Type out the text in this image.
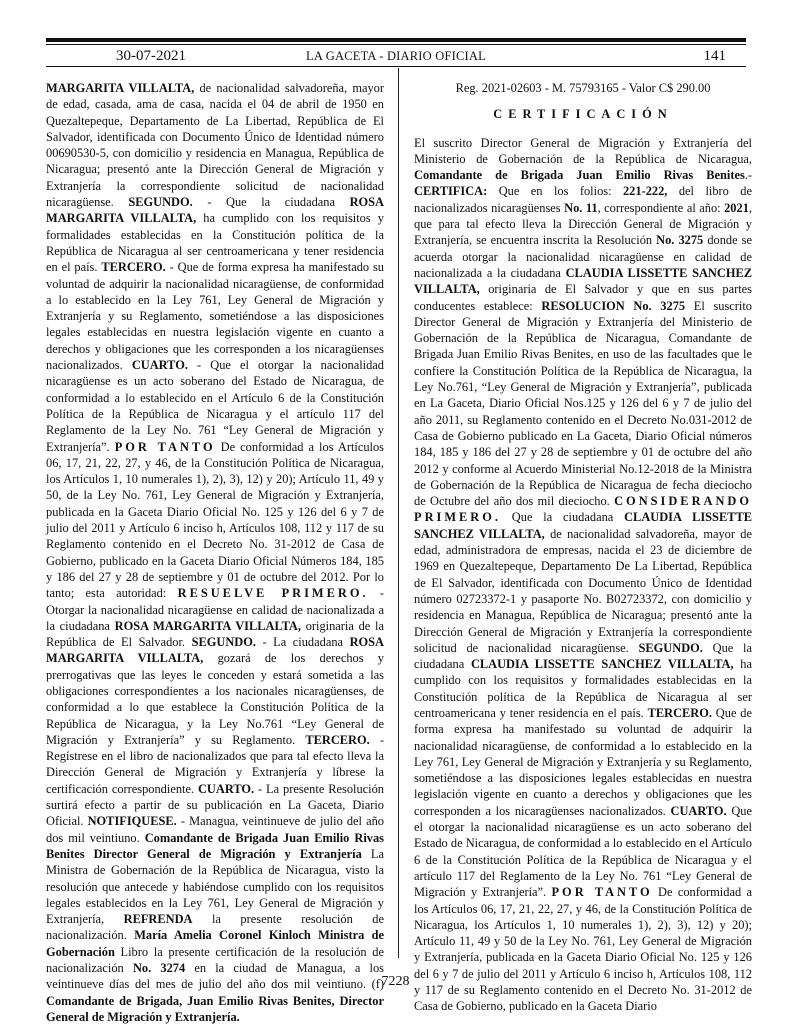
30-07-2021	LA GACETA - DIARIO OFICIAL	141

MARGARITA VILLALTA, de nacionalidad salvadoreña, mayor de edad, casada, ama de casa, nacida el 04 de abril de 1950 en Quezaltepeque, Departamento de La Libertad, República de El Salvador, identificada con Documento Único de Identidad número 00690530-5, con domicilio y residencia en Managua, República de Nicaragua; presentó ante la Dirección General de Migración y Extranjería la correspondiente solicitud de nacionalidad nicaragüense. SEGUNDO. - Que la ciudadana ROSA MARGARITA VILLALTA, ha cumplido con los requisitos y formalidades establecidas en la Constitución política de la República de Nicaragua al ser centroamericana y tener residencia en el país. TERCERO. - Que de forma expresa ha manifestado su voluntad de adquirir la nacionalidad nicaragüense, de conformidad a lo establecido en la Ley 761, Ley General de Migración y Extranjería y su Reglamento, sometiéndose a las disposiciones legales establecidas en nuestra legislación vigente en cuanto a derechos y obligaciones que les corresponden a los nicaragüenses nacionalizados. CUARTO. - Que el otorgar la nacionalidad nicaragüense es un acto soberano del Estado de Nicaragua, de conformidad a lo establecido en el Artículo 6 de la Constitución Política de la República de Nicaragua y el artículo 117 del Reglamento de la Ley No. 761 “Ley General de Migración y Extranjería”. POR TANTO De conformidad a los Artículos 06, 17, 21, 22, 27, y 46, de la Constitución Política de Nicaragua, los Artículos 1, 10 numerales 1), 2), 3), 12) y 20); Artículo 11, 49 y 50, de la Ley No. 761, Ley General de Migración y Extranjería, publicada en la Gaceta Diario Oficial No. 125 y 126 del 6 y 7 de julio del 2011 y Artículo 6 inciso h, Artículos 108, 112 y 117 de su Reglamento contenido en el Decreto No. 31-2012 de Casa de Gobierno, publicado en la Gaceta Diario Oficial Números 184, 185 y 186 del 27 y 28 de septiembre y 01 de octubre del 2012. Por lo tanto; esta autoridad: RESUELVE PRIMERO. - Otorgar la nacionalidad nicaragüense en calidad de nacionalizada a la ciudadana ROSA MARGARITA VILLALTA, originaria de la República de El Salvador. SEGUNDO. - La ciudadana ROSA MARGARITA VILLALTA, gozará de los derechos y prerrogativas que las leyes le conceden y estará sometida a las obligaciones correspondientes a los nacionales nicaragüenses, de conformidad a lo que establece la Constitución Política de la República de Nicaragua, y la Ley No.761 “Ley General de Migración y Extranjería” y su Reglamento. TERCERO. - Regístrese en el libro de nacionalizados que para tal efecto lleva la Dirección General de Migración y Extranjería y líbrese la certificación correspondiente. CUARTO. - La presente Resolución surtirá efecto a partir de su publicación en La Gaceta, Diario Oficial. NOTIFIQUESE. - Managua, veintinueve de julio del año dos mil veintiuno. Comandante de Brigada Juan Emilio Rivas Benites Director General de Migración y Extranjería La Ministra de Gobernación de la República de Nicaragua, visto la resolución que antecede y habiéndose cumplido con los requisitos legales establecidos en la Ley 761, Ley General de Migración y Extranjería, REFRENDA la presente resolución de nacionalización. María Amelia Coronel Kinloch Ministra de Gobernación Libro la presente certificación de la resolución de nacionalización No. 3274 en la ciudad de Managua, a los veintinueve días del mes de julio del año dos mil veintiuno. (f) Comandante de Brigada, Juan Emilio Rivas Benites, Director General de Migración y Extranjería.

Reg. 2021-02603 - M. 75793165 - Valor C$ 290.00

CERTIFICACIÓN

El suscrito Director General de Migración y Extranjería del Ministerio de Gobernación de la República de Nicaragua, Comandante de Brigada Juan Emilio Rivas Benites.- CERTIFICA: Que en los folios: 221-222, del libro de nacionalizados nicaragüenses No. 11, correspondiente al año: 2021, que para tal efecto lleva la Dirección General de Migración y Extranjería, se encuentra inscrita la Resolución No. 3275 donde se acuerda otorgar la nacionalidad nicaragüense en calidad de nacionalizada a la ciudadana CLAUDIA LISSETTE SANCHEZ VILLALTA, originaria de El Salvador y que en sus partes conducentes establece: RESOLUCION No. 3275 El suscrito Director General de Migración y Extranjería del Ministerio de Gobernación de la República de Nicaragua, Comandante de Brigada Juan Emilio Rivas Benites, en uso de las facultades que le confiere la Constitución Política de la República de Nicaragua, la Ley No.761, “Ley General de Migración y Extranjería”, publicada en La Gaceta, Diario Oficial Nos.125 y 126 del 6 y 7 de julio del año 2011, su Reglamento contenido en el Decreto No.031-2012 de Casa de Gobierno publicado en La Gaceta, Diario Oficial números 184, 185 y 186 del 27 y 28 de septiembre y 01 de octubre del año 2012 y conforme al Acuerdo Ministerial No.12-2018 de la Ministra de Gobernación de la República de Nicaragua de fecha dieciocho de Octubre del año dos mil dieciocho. CONSIDERANDO PRIMERO. Que la ciudadana CLAUDIA LISSETTE SANCHEZ VILLALTA, de nacionalidad salvadoreña, mayor de edad, administradora de empresas, nacida el 23 de diciembre de 1969 en Quezaltepeque, Departamento De La Libertad, República de El Salvador, identificada con Documento Único de Identidad número 02723372-1 y pasaporte No. B02723372, con domicilio y residencia en Managua, República de Nicaragua; presentó ante la Dirección General de Migración y Extranjería la correspondiente solicitud de nacionalidad nicaragüense. SEGUNDO. Que la ciudadana CLAUDIA LISSETTE SANCHEZ VILLALTA, ha cumplido con los requisitos y formalidades establecidas en la Constitución política de la República de Nicaragua al ser centroamericana y tener residencia en el país. TERCERO. Que de forma expresa ha manifestado su voluntad de adquirir la nacionalidad nicaragüense, de conformidad a lo establecido en la Ley 761, Ley General de Migración y Extranjería y su Reglamento, sometiéndose a las disposiciones legales establecidas en nuestra legislación vigente en cuanto a derechos y obligaciones que les corresponden a los nicaragüenses nacionalizados. CUARTO. Que el otorgar la nacionalidad nicaragüense es un acto soberano del Estado de Nicaragua, de conformidad a lo establecido en el Artículo 6 de la Constitución Política de la República de Nicaragua y el artículo 117 del Reglamento de la Ley No. 761 “Ley General de Migración y Extranjería”. POR TANTO De conformidad a los Artículos 06, 17, 21, 22, 27, y 46, de la Constitución Política de Nicaragua, los Artículos 1, 10 numerales 1), 2), 3), 12) y 20); Artículo 11, 49 y 50 de la Ley No. 761, Ley General de Migración y Extranjería, publicada en la Gaceta Diario Oficial No. 125 y 126 del 6 y 7 de julio del 2011 y Artículo 6 inciso h, Artículos 108, 112 y 117 de su Reglamento contenido en el Decreto No. 31-2012 de Casa de Gobierno, publicado en la Gaceta Diario

7228
